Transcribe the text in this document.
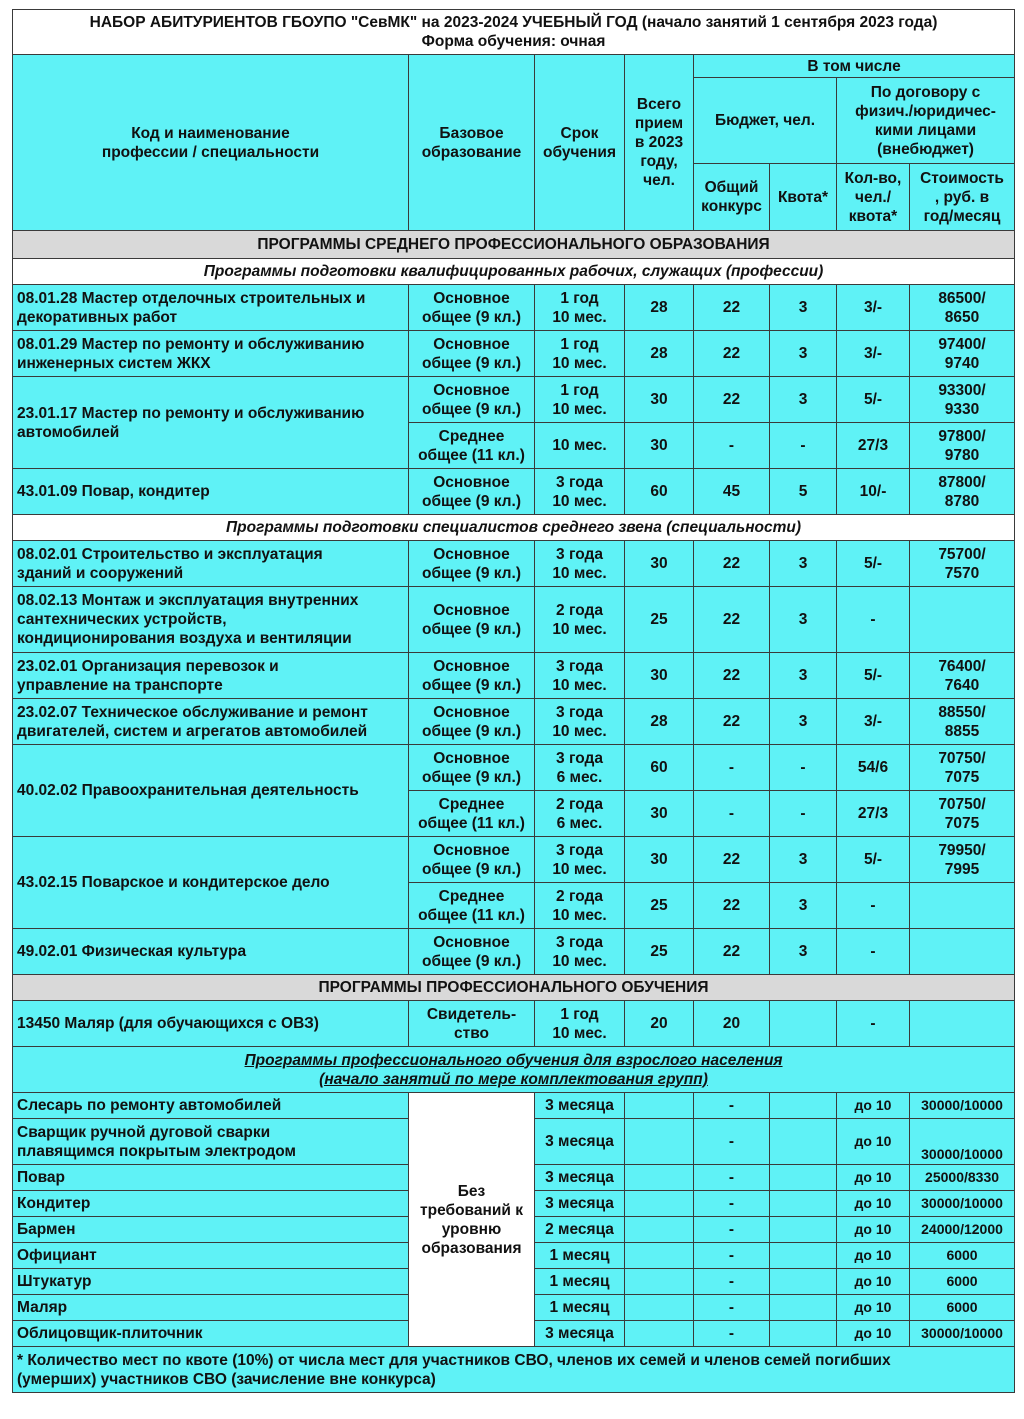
НАБОР АБИТУРИЕНТОВ ГБОУПО "СевМК" на 2023-2024 УЧЕБНЫЙ ГОД (начало занятий 1 сентября 2023 года)
Форма обучения: очная							

Код и наименование
профессии / специальности	Базовое
образование	Срок
обучения	Всего
прием
в 2023
году,
чел.	В том числе			
				Бюджет, чел.		По договору с
физич./юридичес-
кими лицами
(внебюджет)	

				Общий
конкурс	Квота*	Кол-во,
чел./
квота*	Стоимость
, руб. в
год/месяц

ПРОГРАММЫ СРЕДНЕГО ПРОФЕССИОНАЛЬНОГО ОБРАЗОВАНИЯ							
Программы подготовки квалифицированных рабочих, служащих (профессии)							

08.01.28 Мастер отделочных строительных и
декоративных работ	Основное
общее (9 кл.)	1 год
10 мес.	28	22	3	3/-	86500/
8650

08.01.29 Мастер по ремонту и обслуживанию
инженерных систем ЖКХ	Основное
общее (9 кл.)	1 год
10 мес.	28	22	3	3/-	97400/
9740

23.01.17 Мастер по ремонту и обслуживанию
автомобилей	Основное
общее (9 кл.)	1 год
10 мес.	30	22	3	5/-	93300/
9330

	Среднее
общее (11 кл.)	10 мес.	30	-	-	27/3	97800/
9780

43.01.09 Повар, кондитер	Основное
общее (9 кл.)	3 года
10 мес.	60	45	5	10/-	87800/
8780

Программы подготовки специалистов среднего звена (специальности)							

08.02.01 Строительство и эксплуатация
зданий и сооружений	Основное
общее (9 кл.)	3 года
10 мес.	30	22	3	5/-	75700/
7570

08.02.13 Монтаж и эксплуатация внутренних
сантехнических устройств,
кондиционирования воздуха и вентиляции	Основное
общее (9 кл.)	2 года
10 мес.	25	22	3	-	

23.02.01 Организация перевозок и
управление на транспорте	Основное
общее (9 кл.)	3 года
10 мес.	30	22	3	5/-	76400/
7640

23.02.07 Техническое обслуживание и ремонт
двигателей, систем и агрегатов автомобилей	Основное
общее (9 кл.)	3 года
10 мес.	28	22	3	3/-	88550/
8855

40.02.02 Правоохранительная деятельность	Основное
общее (9 кл.)	3 года
6 мес.	60	-	-	54/6	70750/
7075

	Среднее
общее (11 кл.)	2 года
6 мес.	30	-	-	27/3	70750/
7075

43.02.15 Поварское и кондитерское дело	Основное
общее (9 кл.)	3 года
10 мес.	30	22	3	5/-	79950/
7995

	Среднее
общее (11 кл.)	2 года
10 мес.	25	22	3	-	

49.02.01 Физическая культура	Основное
общее (9 кл.)	3 года
10 мес.	25	22	3	-	

ПРОГРАММЫ ПРОФЕССИОНАЛЬНОГО ОБУЧЕНИЯ							
13450 Маляр (для обучающихся с ОВЗ)	Свидетель-
ство	1 год
10 мес.	20	20		-	

Программы профессионального обучения для взрослого населения
(начало занятий по мере комплектования групп)							

Слесарь по ремонту автомобилей	Без
требований к
уровню
образования	3 месяца		-		до 10	30000/10000

Сварщик ручной дуговой сварки
плавящимся покрытым электродом		3 месяца		-		до 10	30000/10000
Повар		3 месяца		-		до 10	25000/8330
Кондитер		3 месяца		-		до 10	30000/10000
Бармен		2 месяца		-		до 10	24000/12000
Официант		1 месяц		-		до 10	6000
Штукатур		1 месяц		-		до 10	6000
Маляр		1 месяц		-		до 10	6000
Облицовщик-плиточник		3 месяца		-		до 10	30000/10000

* Количество мест по квоте (10%) от числа мест для участников СВО, членов их семей и членов семей погибших
(умерших) участников СВО (зачисление вне конкурса)							
